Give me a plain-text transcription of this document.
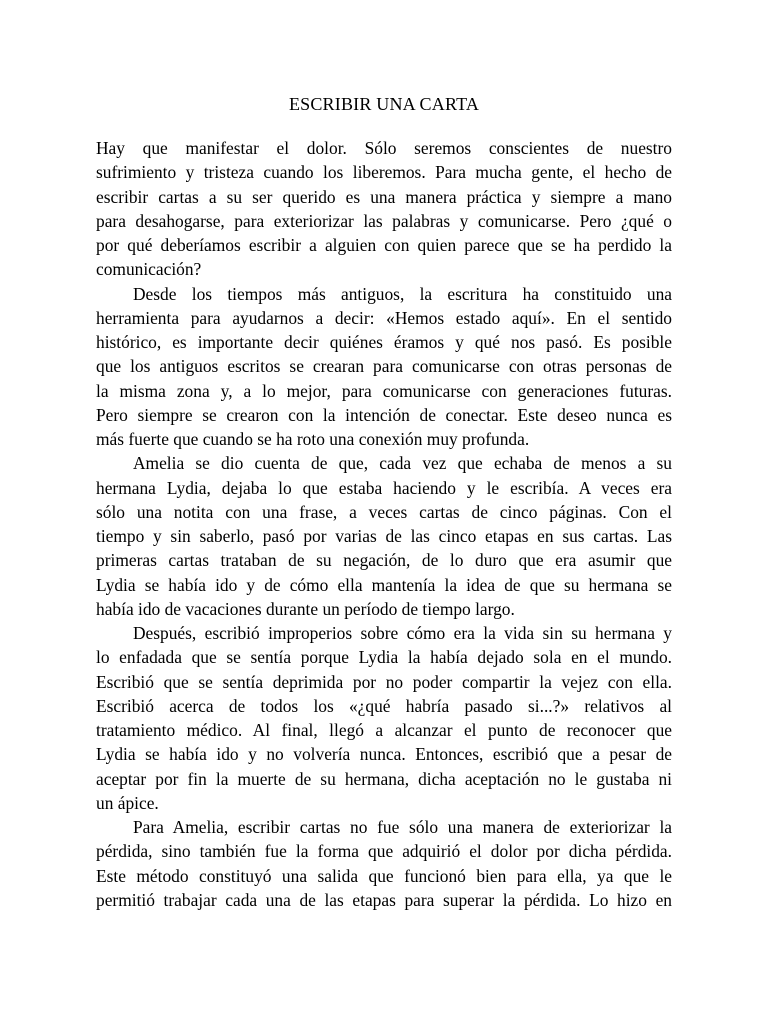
ESCRIBIR UNA CARTA
Hay que manifestar el dolor. Sólo seremos conscientes de nuestro
sufrimiento y tristeza cuando los liberemos. Para mucha gente, el hecho de
escribir cartas a su ser querido es una manera práctica y siempre a mano
para desahogarse, para exteriorizar las palabras y comunicarse. Pero ¿qué o
por qué deberíamos escribir a alguien con quien parece que se ha perdido la
comunicación?
Desde los tiempos más antiguos, la escritura ha constituido una
herramienta para ayudarnos a decir: «Hemos estado aquí». En el sentido
histórico, es importante decir quiénes éramos y qué nos pasó. Es posible
que los antiguos escritos se crearan para comunicarse con otras personas de
la misma zona y, a lo mejor, para comunicarse con generaciones futuras.
Pero siempre se crearon con la intención de conectar. Este deseo nunca es
más fuerte que cuando se ha roto una conexión muy profunda.
Amelia se dio cuenta de que, cada vez que echaba de menos a su
hermana Lydia, dejaba lo que estaba haciendo y le escribía. A veces era
sólo una notita con una frase, a veces cartas de cinco páginas. Con el
tiempo y sin saberlo, pasó por varias de las cinco etapas en sus cartas. Las
primeras cartas trataban de su negación, de lo duro que era asumir que
Lydia se había ido y de cómo ella mantenía la idea de que su hermana se
había ido de vacaciones durante un período de tiempo largo.
Después, escribió improperios sobre cómo era la vida sin su hermana y
lo enfadada que se sentía porque Lydia la había dejado sola en el mundo.
Escribió que se sentía deprimida por no poder compartir la vejez con ella.
Escribió acerca de todos los «¿qué habría pasado si...?» relativos al
tratamiento médico. Al final, llegó a alcanzar el punto de reconocer que
Lydia se había ido y no volvería nunca. Entonces, escribió que a pesar de
aceptar por fin la muerte de su hermana, dicha aceptación no le gustaba ni
un ápice.
Para Amelia, escribir cartas no fue sólo una manera de exteriorizar la
pérdida, sino también fue la forma que adquirió el dolor por dicha pérdida.
Este método constituyó una salida que funcionó bien para ella, ya que le
permitió trabajar cada una de las etapas para superar la pérdida. Lo hizo en
